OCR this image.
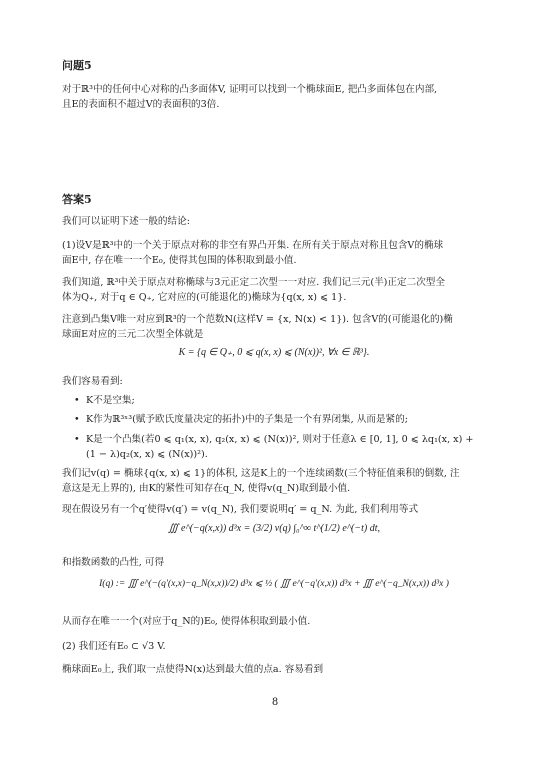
问题5

对于ℝ³中的任何中心对称的凸多面体V, 证明可以找到一个椭球面E, 把凸多面体包在内部,

且E的表面积不超过V的表面积的3倍.

答案5

我们可以证明下述一般的结论:

(1)设V是ℝ³中的一个关于原点对称的非空有界凸开集. 在所有关于原点对称且包含V的椭球

面E中, 存在唯一一个E₀, 使得其包围的体积取到最小值.

我们知道, ℝ³中关于原点对称椭球与3元正定二次型一一对应. 我们记三元(半)正定二次型全

体为Q₊, 对于q ∈ Q₊, 它对应的(可能退化的)椭球为{q(x, x) ⩽ 1}.

注意到凸集V唯一对应到ℝ³的一个范数N(这样V = {x, N(x) < 1}). 包含V的(可能退化的)椭

球面E对应的三元二次型全体就是

K = {q ∈ Q₊, 0 ⩽ q(x, x) ⩽ (N(x))², ∀x ∈ ℝ³}.

我们容易看到:

• K不是空集;

• K作为ℝ³ˣ³(赋予欧氏度量决定的拓扑)中的子集是一个有界闭集, 从而是紧的;

• K是一个凸集(若0 ⩽ q₁(x, x), q₂(x, x) ⩽ (N(x))², 则对于任意λ ∈ [0, 1], 0 ⩽ λq₁(x, x) +

(1 − λ)q₂(x, x) ⩽ (N(x))²).

我们记v(q) = 椭球{q(x, x) ⩽ 1}的体积, 这是K上的一个连续函数(三个特征值乘积的倒数, 注

意这是无上界的), 由K的紧性可知存在q_N, 使得v(q_N)取到最小值.

现在假设另有一个q′使得v(q′) = v(q_N), 我们要说明q′ = q_N. 为此, 我们利用等式

∭ e^(−q(x,x)) d³x = (3/2) v(q) ∫₀^∞ t^(1/2) e^(−t) dt,

和指数函数的凸性, 可得

I(q) := ∭ e^(−(q′(x,x)−q_N(x,x))/2) d³x ⩽ ½ ( ∭ e^(−q′(x,x)) d³x + ∭ e^(−q_N(x,x)) d³x )

从而存在唯一一个(对应于q_N的)E₀, 使得体积取到最小值.

(2) 我们还有E₀ ⊂ √3 V.

椭球面E₀上, 我们取一点使得N(x)达到最大值的点a. 容易看到

8
